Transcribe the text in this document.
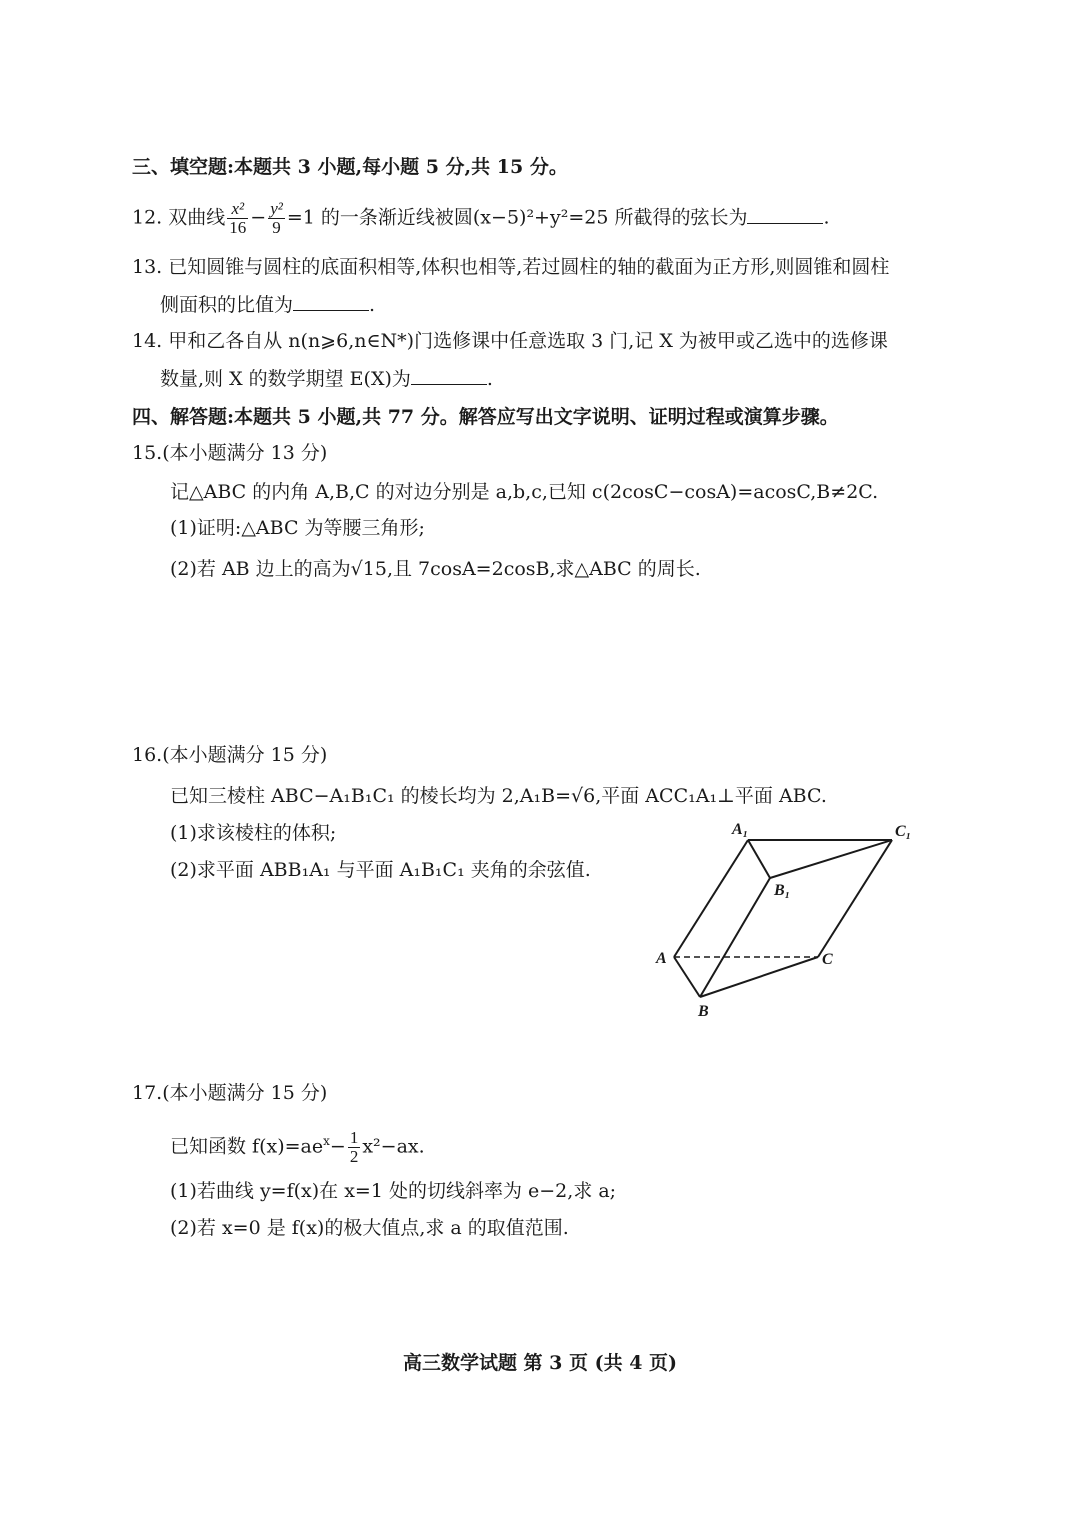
三、填空题:本题共 3 小题,每小题 5 分,共 15 分。
12. 双曲线 $\frac{\text{x²}}{16} - \frac{\text{y²}}{9} =1$ 的一条渐近线被圆(x−5)²+y²=25 所截得的弦长为	.
13. 已知圆锥与圆柱的底面积相等,体积也相等,若过圆柱的轴的截面为正方形,则圆锥和圆柱
侧面积的比值为	.
14. 甲和乙各自从 n(n⩾6,n∈N*)门选修课中任意选取 3 门,记 X 为被甲或乙选中的选修课
数量,则 X 的数学期望 E(X)为	.
四、解答题:本题共 5 小题,共 77 分。解答应写出文字说明、证明过程或演算步骤。
15.(本小题满分 13 分)
记△ABC 的内角 A,B,C 的对边分别是 a,b,c,已知 c(2cosC−cosA)=acosC,B≠2C.
(1)证明:△ABC 为等腰三角形;
(2)若 AB 边上的高为√15,且 7cosA=2cosB,求△ABC 的周长.
16.(本小题满分 15 分)
已知三棱柱 ABC−A₁B₁C₁ 的棱长均为 2,A₁B=√6,平面 ACC₁A₁⊥平面 ABC.
(1)求该棱柱的体积;
(2)求平面 ABB₁A₁ 与平面 A₁B₁C₁ 夹角的余弦值.
A₁	C₁
B₁
A	C
B
17.(本小题满分 15 分)
已知函数 $f(x)=ae^x- \frac{1}{2} x^2-ax$.
(1)若曲线 y=f(x)在 x=1 处的切线斜率为 e−2,求 a;
(2)若 x=0 是 f(x)的极大值点,求 a 的取值范围.
高三数学试题 第 3 页 (共 4 页)
